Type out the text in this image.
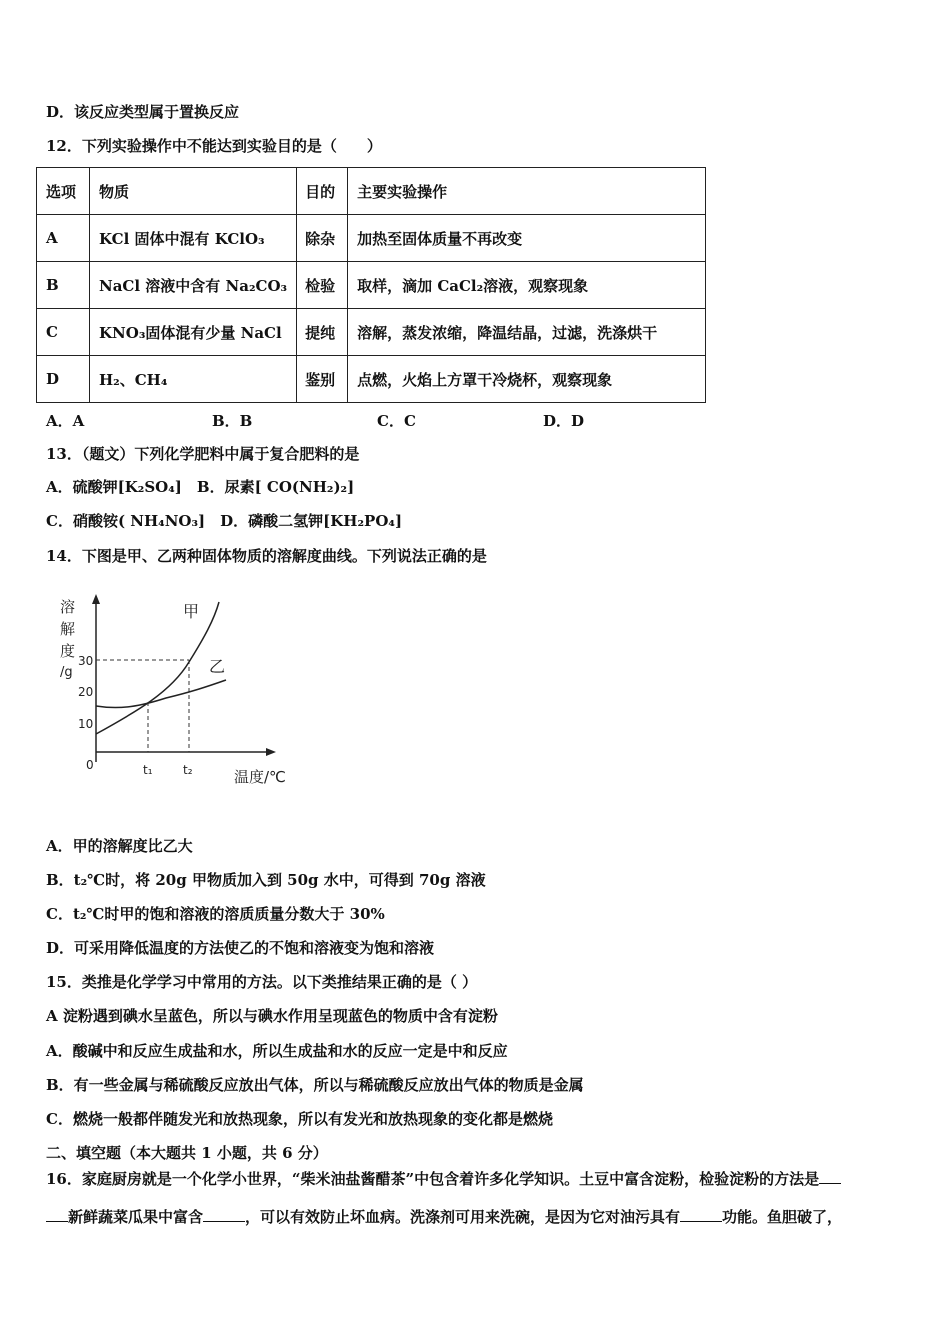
D．该反应类型属于置换反应
12．下列实验操作中不能达到实验目的是（　　）
选项	物质	目的	主要实验操作
A	KCl 固体中混有 KClO₃	除杂	加热至固体质量不再改变
B	NaCl 溶液中含有 Na₂CO₃	检验	取样，滴加 CaCl₂溶液，观察现象
C	KNO₃固体混有少量 NaCl	提纯	溶解，蒸发浓缩，降温结晶，过滤，洗涤烘干
D	H₂、CH₄	鉴别	点燃，火焰上方罩干冷烧杯，观察现象
A．A	B．B	C．C	D．D
13．（题文）下列化学肥料中属于复合肥料的是
A．硫酸钾[K₂SO₄]　B．尿素[ CO(NH₂)₂]
C．硝酸铵( NH₄NO₃]　D．磷酸二氢钾[KH₂PO₄]
14．下图是甲、乙两种固体物质的溶解度曲线。下列说法正确的是
溶
解
度
/g
30
20
10
0	t₁	t₂	温度/℃
甲
乙
A．甲的溶解度比乙大
B．t₂℃时，将 20g 甲物质加入到 50g 水中，可得到 70g 溶液
C．t₂℃时甲的饱和溶液的溶质质量分数大于 30%
D．可采用降低温度的方法使乙的不饱和溶液变为饱和溶液
15．类推是化学学习中常用的方法。以下类推结果正确的是（ ）
A 淀粉遇到碘水呈蓝色，所以与碘水作用呈现蓝色的物质中含有淀粉
A．酸碱中和反应生成盐和水，所以生成盐和水的反应一定是中和反应
B．有一些金属与稀硫酸反应放出气体，所以与稀硫酸反应放出气体的物质是金属
C．燃烧一般都伴随发光和放热现象，所以有发光和放热现象的变化都是燃烧
二、填空题（本大题共 1 小题，共 6 分）
16．家庭厨房就是一个化学小世界，“柴米油盐酱醋茶”中包含着许多化学知识。土豆中富含淀粉，检验淀粉的方法是
新鲜蔬菜瓜果中富含	，可以有效防止坏血病。洗涤剂可用来洗碗，是因为它对油污具有	功能。鱼胆破了，
